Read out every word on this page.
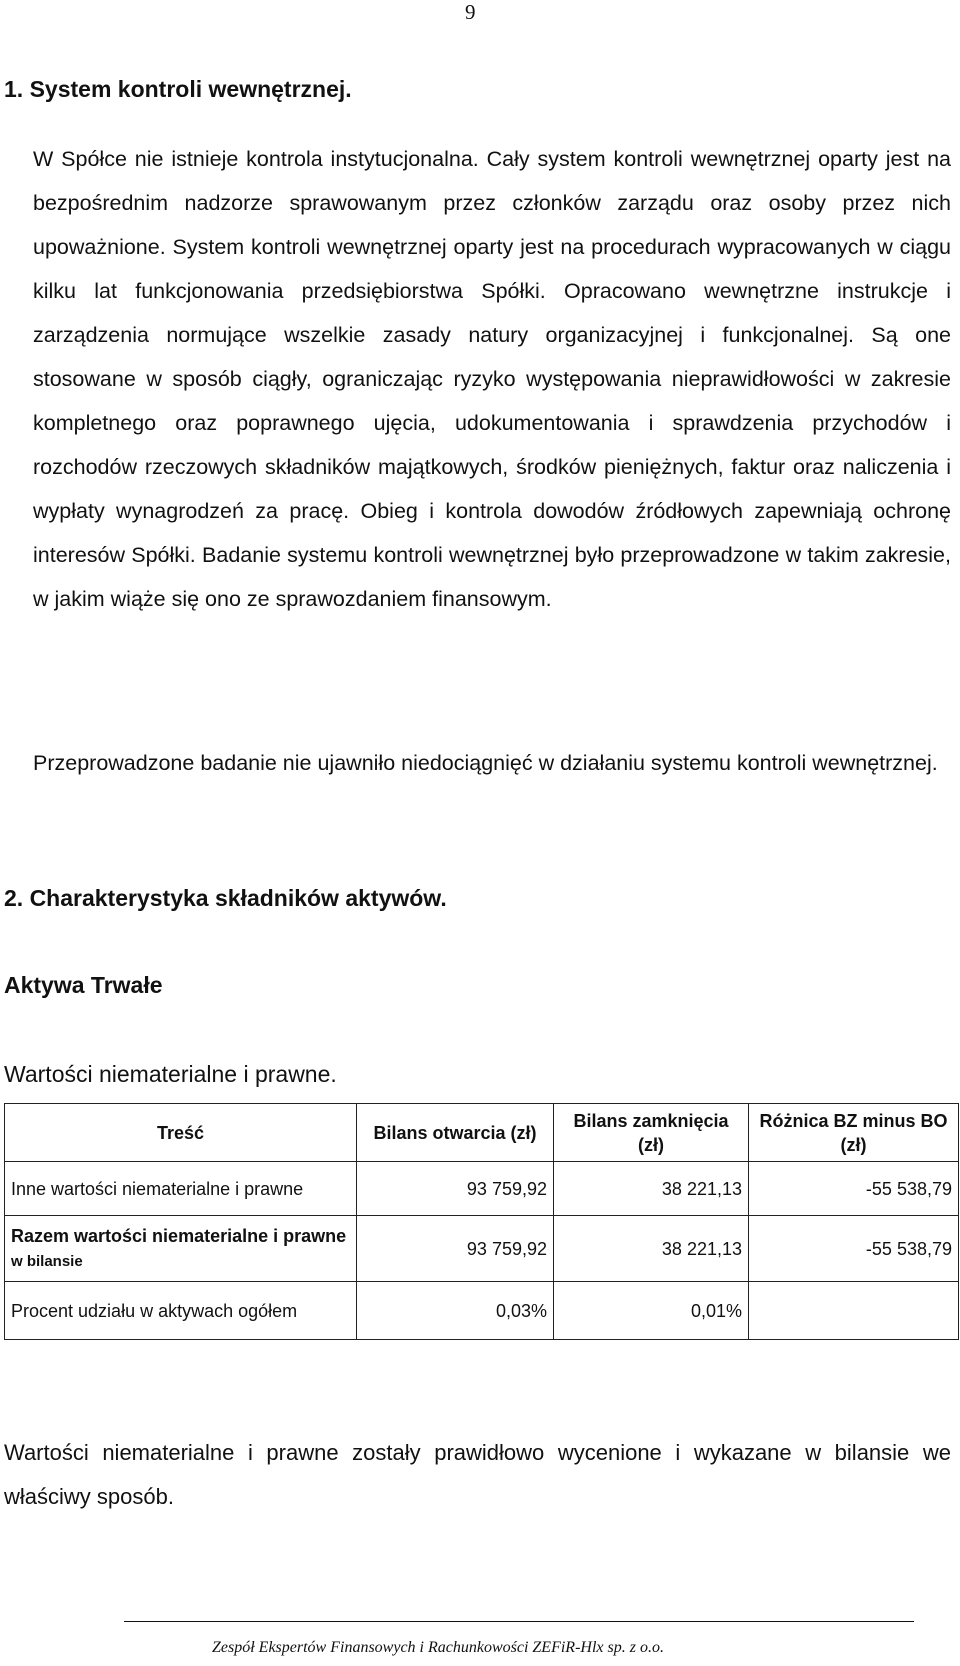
9
1. System kontroli wewnętrznej.

W Spółce nie istnieje kontrola instytucjonalna. Cały system kontroli wewnętrznej oparty jest na bezpośrednim nadzorze sprawowanym przez członków zarządu oraz osoby przez nich upoważnione. System kontroli wewnętrznej oparty jest na procedurach wypracowanych w ciągu kilku lat funkcjonowania przedsiębiorstwa Spółki. Opracowano wewnętrzne instrukcje i zarządzenia normujące wszelkie zasady natury organizacyjnej i funkcjonalnej. Są one stosowane w sposób ciągły, ograniczając ryzyko występowania nieprawidłowości w zakresie kompletnego oraz poprawnego ujęcia, udokumentowania i sprawdzenia przychodów i rozchodów rzeczowych składników majątkowych, środków pieniężnych, faktur oraz naliczenia i wypłaty wynagrodzeń za pracę. Obieg i kontrola dowodów źródłowych zapewniają ochronę interesów Spółki. Badanie systemu kontroli wewnętrznej było przeprowadzone w takim zakresie, w jakim wiąże się ono ze sprawozdaniem finansowym.

Przeprowadzone badanie nie ujawniło niedociągnięć w działaniu systemu kontroli wewnętrznej.

2. Charakterystyka składników aktywów.
Aktywa Trwałe
Wartości niematerialne i prawne.
Treść	Bilans otwarcia (zł)	Bilans zamknięcia (zł)	Różnica BZ minus BO (zł)
Inne wartości niematerialne i prawne	93 759,92	38 221,13	-55 538,79
Razem wartości niematerialne i prawne w bilansie	93 759,92	38 221,13	-55 538,79
Procent udziału w aktywach ogółem	0,03%	0,01%	

Wartości niematerialne i prawne zostały prawidłowo wycenione i wykazane w bilansie we właściwy sposób.

Zespół Ekspertów Finansowych i Rachunkowości ZEFiR-Hlx sp. z o.o.
